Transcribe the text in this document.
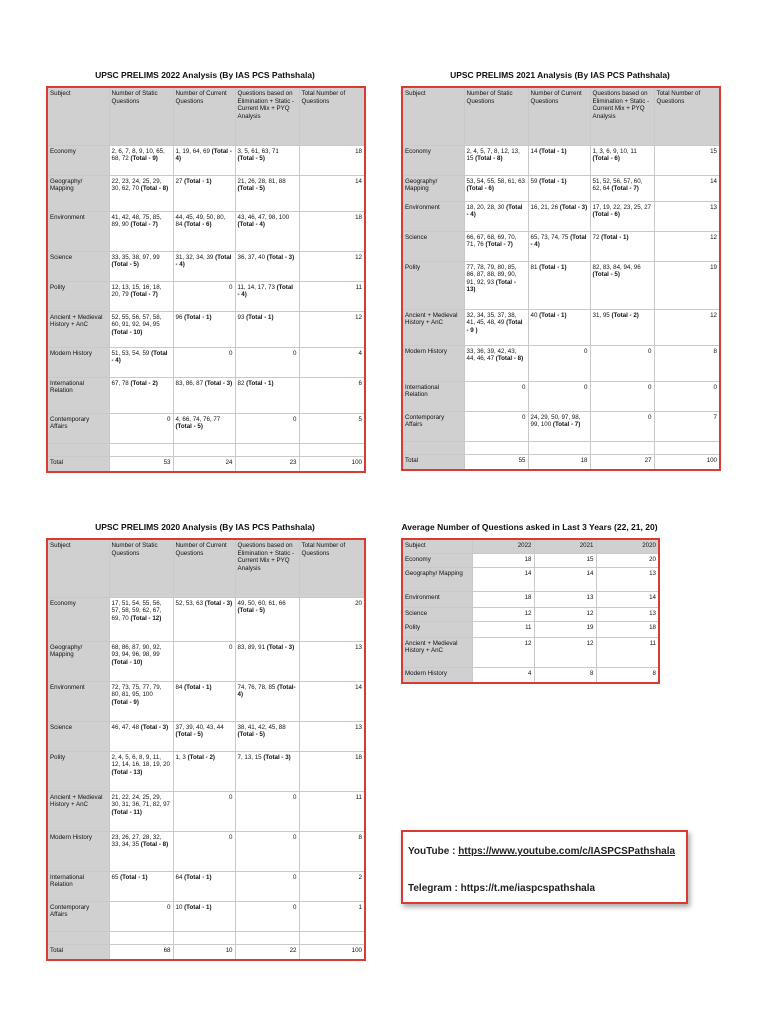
UPSC PRELIMS 2022 Analysis (By IAS PCS Pathshala)
Subject	Number of Static Questions	Number of Current Questions	Questions based on Elimination + Static - Current Mix + PYQ Analysis	Total Number of Questions
Economy	2, 6, 7, 8, 9, 10, 65, 68, 72 (Total - 9)	1, 19, 64, 69 (Total - 4)	3, 5, 61, 63, 71 (Total - 5)	18
Geography/ Mapping	22, 23, 24, 25, 29, 30, 62, 70 (Total - 8)	27 (Total - 1)	21, 26, 28, 81, 88 (Total - 5)	14
Environment	41, 42, 48, 75, 85, 89, 90 (Total - 7)	44, 45, 49, 50, 80, 84 (Total - 6)	43, 46, 47, 98, 100 (Total - 4)	18
Science	33, 35, 38, 97, 99 (Total - 5)	31, 32, 34, 39 (Total - 4)	36, 37, 40 (Total - 3)	12
Polity	12, 13, 15, 16, 18, 20, 79 (Total - 7)	0	11, 14, 17, 73 (Total - 4)	11
Ancient + Medieval History + AnC	52, 55, 56, 57, 58, 60, 91, 92, 94, 95 (Total - 10)	96 (Total - 1)	93 (Total - 1)	12
Modern History	51, 53, 54, 59 (Total - 4)	0	0	4
International Relation	67, 78 (Total - 2)	83, 86, 87 (Total - 3)	82 (Total - 1)	6
Contemporary Affairs	0	4, 66, 74, 76, 77 (Total - 5)	0	5

Total	53	24	23	100
UPSC PRELIMS 2021 Analysis (By IAS PCS Pathshala)
Subject	Number of Static Questions	Number of Current Questions	Questions based on Elimination + Static - Current Mix + PYQ Analysis	Total Number of Questions
Economy	2, 4, 5, 7, 8, 12, 13, 15 (Total - 8)	14 (Total - 1)	1, 3, 6, 9, 10, 11 (Total - 6)	15
Geography/ Mapping	53, 54, 55, 58, 61, 63 (Total - 6)	59 (Total - 1)	51, 52, 56, 57, 60, 62, 64 (Total - 7)	14
Environment	18, 20, 28, 30 (Total - 4)	16, 21, 26 (Total - 3)	17, 19, 22, 23, 25, 27 (Total - 6)	13
Science	66, 67, 68, 69, 70, 71, 76 (Total - 7)	65, 73, 74, 75 (Total - 4)	72 (Total - 1)	12
Polity	77, 78, 79, 80, 85, 86, 87, 88, 89, 90, 91, 92, 93 (Total - 13)	81 (Total - 1)	82, 83, 84, 94, 96 (Total - 5)	19
Ancient + Medieval History + AnC	32, 34, 35, 37, 38, 41, 45, 48, 49 (Total - 9 )	40 (Total - 1)	31, 95 (Total - 2)	12
Modern History	33, 36, 39, 42, 43, 44, 46, 47 (Total - 8)	0	0	8
International Relation	0	0	0	0
Contemporary Affairs	0	24, 29, 50, 97, 98, 99, 100 (Total - 7)	0	7

Total	55	18	27	100
UPSC PRELIMS 2020 Analysis (By IAS PCS Pathshala)
Subject	Number of Static Questions	Number of Current Questions	Questions based on Elimination + Static - Current Mix + PYQ Analysis	Total Number of Questions
Economy	17, 51, 54, 55, 56, 57, 58, 59, 62, 67, 69, 70 (Total - 12)	52, 53, 63 (Total - 3)	49, 50, 60, 61, 66 (Total - 5)	20
Geography/ Mapping	68, 86, 87, 90, 92, 93, 94, 96, 98, 99 (Total - 10)	0	83, 89, 91 (Total - 3)	13
Environment	72, 73, 75, 77, 79, 80, 81, 95, 100 (Total - 9)	84 (Total - 1)	74, 76, 78, 85 (Total- 4)	14
Science	46, 47, 48 (Total - 3)	37, 39, 40, 43, 44 (Total - 5)	38, 41, 42, 45, 88 (Total - 5)	13
Polity	2, 4, 5, 6, 8, 9, 11, 12, 14, 16, 18, 19, 20 (Total - 13)	1, 3 (Total - 2)	7, 13, 15 (Total - 3)	18
Ancient + Medieval History + AnC	21, 22, 24, 25, 29, 30, 31, 36, 71, 82, 97 (Total - 11)	0	0	11
Modern History	23, 26, 27, 28, 32, 33, 34, 35 (Total - 8)	0	0	8
International Relation	65 (Total - 1)	64 (Total - 1)	0	2
Contemporary Affairs	0	10 (Total - 1)	0	1

Total	68	10	22	100
Average Number of Questions asked in Last 3 Years (22, 21, 20)
Subject	2022	2021	2020
Economy	18	15	20
Geography/ Mapping	14	14	13
Environment	18	13	14
Science	12	12	13
Polity	11	19	18
Ancient + Medieval History + AnC	12	12	11
Modern History	4	8	8
YouTube : https://www.youtube.com/c/IASPCSPathshala
Telegram : https://t.me/iaspcspathshala
